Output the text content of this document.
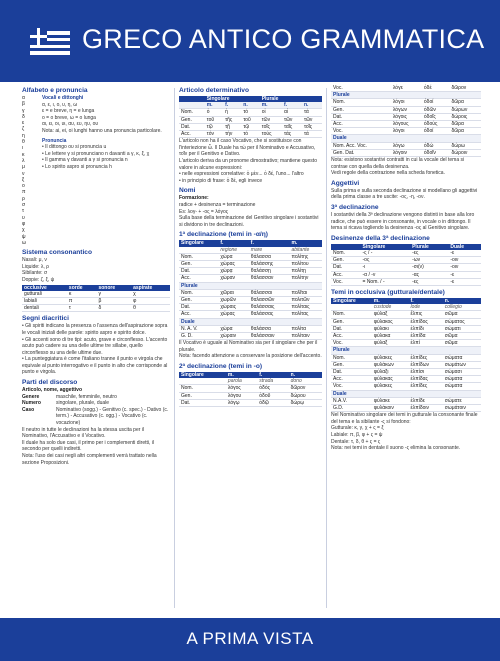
GRECO ANTICO GRAMMATICA
Alfabeto e pronuncia
α
β
γ
δ
ε
ζ
η
θ
ι
κ
λ
μ
ν
ξ
ο
π
ρ
σ
τ
υ
φ
χ
ψ
ω
Vocali e dittonghi
α, ε, ι, ο, υ, η, ω
ε = e breve, η = e lunga
ο = o breve, ω = o lunga
αι, ει, οι, υι, αυ, ευ, ηυ, ου
Nota: ai, ei, oi lunghi hanno una pronuncia particolare.
Pronuncia
• Il dittongo ου si pronuncia u
• Le lettere γ si pronunciano n davanti a γ, κ, ξ, χ
• Il gamma γ davanti a γ si pronuncia n
• Lo spirito aspro si pronuncia h
Sistema consonantico
Nasali: μ, ν
Liquide: λ, ρ
Sibilante: σ
Doppie: ζ, ξ, ψ
occlusive	sorde	sonore	aspirate
gutturali	κ	γ	χ
labiali	π	β	φ
dentali	τ	δ	θ
Segni diacritici
• Gli spiriti indicano la presenza o l'assenza dell'aspirazione sopra le vocali iniziali delle parole: spirito aspro e spirito dolce.
• Gli accenti sono di tre tipi: acuto, grave e circonflesso. L'accento acuto può cadere su una delle ultime tre sillabe, quello circonflesso su una delle ultime due.
• La punteggiatura è come l'italiano tranne il punto e virgola che equivale al punto interrogativo e il punto in alto che corrisponde al punto e virgola.
Parti del discorso
Articolo, nome, aggettivo
Genere	maschile, femminile, neutro
Numero	singolare, plurale, duale
Caso	Nominativo (sogg.) - Genitivo (c. spec.) - Dativo (c. term.) - Accusativo (c. ogg.) - Vocativo (c. vocazione)
Il neutro in tutte le declinazioni ha la stessa uscita per il Nominativo, l'Accusativo e il Vocativo.
Il duale ha solo due casi, il primo per i complementi diretti, il secondo per quelli indiretti.
Nota: l'uso dei casi negli altri complementi verrà trattato nella sezione Proposizioni.
Articolo determinativo
	Singolare			Plurale		
	m.	f.	n.	m.	f.	n.
Nom.	ὁ	ἡ	τό	οἱ	αἱ	τά
Gen.	τοῦ	τῆς	τοῦ	τῶν	τῶν	τῶν
Dat.	τῷ	τῇ	τῷ	τοῖς	ταῖς	τοῖς
Acc.	τόν	τήν	τό	τούς	τάς	τά
L'articolo non ha il caso Vocativo, che si sostituisce con l'interiezione ὦ. Il Duale ha τώ per il Nominativo e Accusativo, τοῖν per il Genitivo e Dativo.
L'articolo deriva da un pronome dimostrativo; mantiene questo valore in alcune espressioni:
• nelle espressioni correlative: ὁ μὲν... ὁ δέ, l'uno... l'altro
• in principio di frase: ὁ δέ, egli invece
Nomi
Formazione:
radice + desinenza = terminazione
Es: λογ- + -ος = λόγος
Sulla base della terminazione del Genitivo singolare i sostantivi si dividono in tre declinazioni.
1ª declinazione (temi in -α/η)
Singolare	f.	f.	m.
	regione	mare	abitante
Nom.	χώρα	θάλασσα	πολίτης
Gen.	χώρας	θαλάσσης	πολίτου
Dat.	χώρᾳ	θαλάσσῃ	πολίτῃ
Acc.	χώραν	θάλασσαν	πολίτην
Plurale			
Nom.	χῶραι	θάλασσαι	πολῖται
Gen.	χωρῶν	θαλασσῶν	πολιτῶν
Dat.	χώραις	θαλάσσαις	πολίταις
Acc.	χώρας	θαλάσσας	πολίτας
Duale			
N. A. V.	χώρα	θαλάσσα	πολίτα
G. D.	χώραιν	θαλάσσαιν	πολίταιν
Il Vocativo è uguale al Nominativo sia per il singolare che per il plurale.
Nota: facendo attenzione a conservare la posizione dell'accento.
2ª declinazione (temi in -ο)
Singolare	m.	f.	n.
	parola	strada	dono
Nom.	λόγος	ὁδός	δῶρον
Gen.	λόγου	ὁδοῦ	δώρου
Dat.	λόγῳ	ὁδῷ	δώρῳ
Voc.	λόγε	ὁδέ	δῶρον
Plurale			
Nom.	λόγοι	ὁδοί	δῶρα
Gen.	λόγων	ὁδῶν	δώρων
Dat.	λόγοις	ὁδοῖς	δώροις
Acc.	λόγους	ὁδούς	δῶρα
Voc.	λόγοι	ὁδοί	δῶρα
Duale			
Nom. Acc. Voc.	λόγω	ὁδώ	δώρω
Gen. Dat.	λόγοιν	ὁδοῖν	δώροιν
Nota: esistono sostantivi contratti in cui la vocale del tema si contrae con quella della desinenza.
Vedi regole della contrazione nella scheda fonetica.
Aggettivi
Sulla prima e sulla seconda declinazione si modellano gli aggettivi della prima classe a tre uscite: -ος, -η, -ον.
3ª declinazione
I sostantivi della 3ª declinazione vengono distinti in base alla loro radice, che può essere in consonante, in vocale o in dittongo. Il tema si ricava togliendo la desinenza -ος al Genitivo singolare.
Desinenze della 3ª declinazione
	Singolare	Plurale	Duale
Nom.	-ς / -	-ες	-ε
Gen.	-ος	-ων	-οιν
Dat.	-ι	-σι(ν)	-οιν
Acc.	-α / -ν	-ας	-ε
Voc.	= Nom. / -	-ες	-ε
Temi in occlusiva (gutturale/dentale)
Singolare	m.	f.	n.
	custode	lode	collegio
Nom.	φύλαξ	ἔλπις	σῶμα
Gen.	φύλακος	ἐλπίδος	σώματος
Dat.	φύλακι	ἐλπίδι	σώματι
Acc.	φύλακα	ἐλπίδα	σῶμα
Voc.	φύλαξ	ἐλπί	σῶμα
Plurale			
Nom.	φύλακες	ἐλπίδες	σώματα
Gen.	φυλάκων	ἐλπίδων	σωμάτων
Dat.	φύλαξι	ἐλπίσι	σώμασι
Acc.	φύλακας	ἐλπίδας	σώματα
Voc.	φύλακες	ἐλπίδες	σώματα
Duale			
N.A.V.	φύλακε	ἐλπίδε	σώματε
G.D.	φυλάκοιν	ἐλπίδοιν	σωμάτοιν
Nel Nominativo singolare dei temi in gutturale la consonante finale del tema e la sibilante -ς si fondono:
Gutturale: κ, γ, χ + ς = ξ
Labiale: π, β, φ + ς = ψ
Dentale: τ, δ, θ + ς = ς
Nota: nei temi in dentale il suono -ς elimina la consonante.
A PRIMA VISTA
